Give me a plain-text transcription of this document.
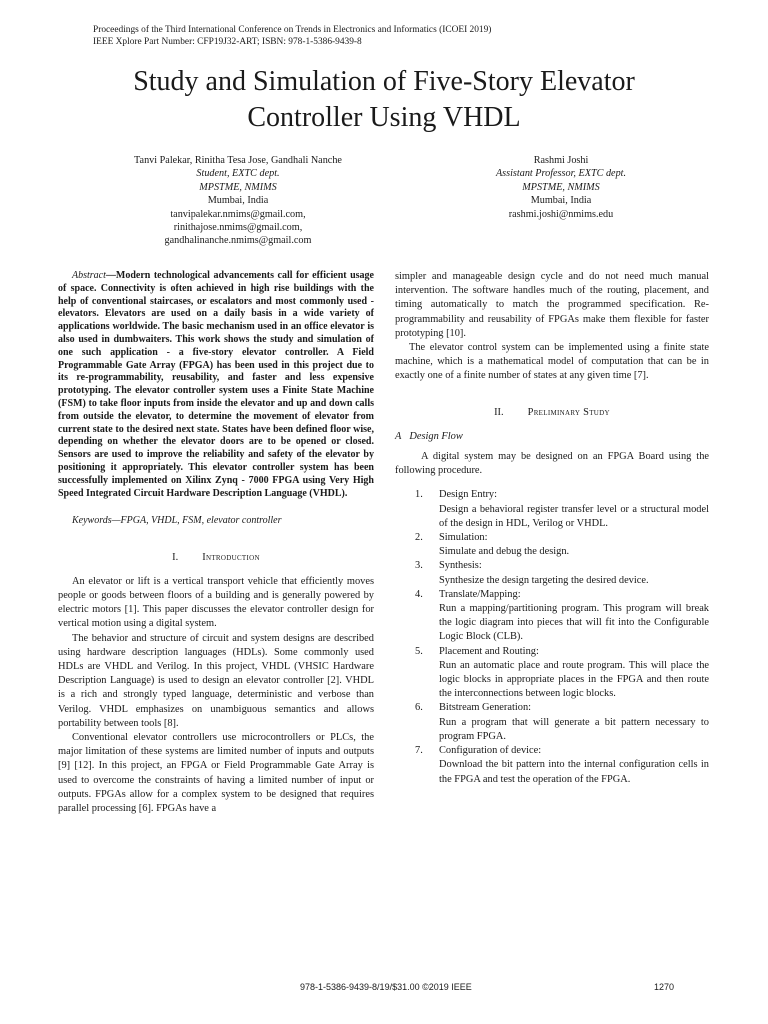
Proceedings of the Third International Conference on Trends in Electronics and Informatics (ICOEI 2019)
IEEE Xplore Part Number: CFP19J32-ART; ISBN: 978-1-5386-9439-8
Study and Simulation of Five-Story Elevator
Controller Using VHDL
Tanvi Palekar, Rinitha Tesa Jose, Gandhali Nanche
Student, EXTC dept.
MPSTME, NMIMS
Mumbai, India
tanvipalekar.nmims@gmail.com,
rinithajose.nmims@gmail.com,
gandhalinanche.nmims@gmail.com
Rashmi Joshi
Assistant Professor, EXTC dept.
MPSTME, NMIMS
Mumbai, India
rashmi.joshi@nmims.edu

Abstract—Modern technological advancements call for efficient usage of space. Connectivity is often achieved in high rise buildings with the help of conventional staircases, or escalators and most commonly used - elevators. Elevators are used on a daily basis in a wide variety of applications worldwide. The basic mechanism used in an office elevator is also used in dumbwaiters. This work shows the study and simulation of one such application - a five-story elevator controller. A Field Programmable Gate Array (FPGA) has been used in this project due to its re-programmability, reusability, and faster and less expensive prototyping. The elevator controller system uses a Finite State Machine (FSM) to take floor inputs from inside the elevator and up and down calls from outside the elevator, to determine the movement of elevator from current state to the desired next state. States have been defined floor wise, depending on whether the elevator doors are to be opened or closed. Sensors are used to improve the reliability and safety of the elevator by positioning it appropriately. This elevator controller system has been successfully implemented on Xilinx Zynq - 7000 FPGA using Very High Speed Integrated Circuit Hardware Description Language (VHDL).

Keywords—FPGA, VHDL, FSM, elevator controller

I. Introduction

An elevator or lift is a vertical transport vehicle that efficiently moves people or goods between floors of a building and is generally powered by electric motors [1]. This paper discusses the elevator controller design for vertical motion using a digital system.

The behavior and structure of circuit and system designs are described using hardware description languages (HDLs). Some commonly used HDLs are VHDL and Verilog. In this project, VHDL (VHSIC Hardware Description Language) is used to design an elevator controller [2]. VHDL is a rich and strongly typed language, deterministic and verbose than Verilog. VHDL emphasizes on unambiguous semantics and allows portability between tools [8].

Conventional elevator controllers use microcontrollers or PLCs, the major limitation of these systems are limited number of inputs and outputs [9] [12]. In this project, an FPGA or Field Programmable Gate Array is used to overcome the constraints of having a limited number of input or outputs. FPGAs allow for a complex system to be designed that requires parallel processing [6]. FPGAs have a

simpler and manageable design cycle and do not need much manual intervention. The software handles much of the routing, placement, and timing automatically to match the programmed specification. Re-programmability and reusability of FPGAs make them flexible for faster prototyping [10].

The elevator control system can be implemented using a finite state machine, which is a mathematical model of computation that can be in exactly one of a finite number of states at any given time [7].

II. Preliminary Study

A Design Flow

A digital system may be designed on an FPGA Board using the following procedure.

1. Design Entry:
Design a behavioral register transfer level or a structural model of the design in HDL, Verilog or VHDL.
2. Simulation:
Simulate and debug the design.
3. Synthesis:
Synthesize the design targeting the desired device.
4. Translate/Mapping:
Run a mapping/partitioning program. This program will break the logic diagram into pieces that will fit into the Configurable Logic Block (CLB).
5. Placement and Routing:
Run an automatic place and route program. This will place the logic blocks in appropriate places in the FPGA and then route the interconnections between logic blocks.
6. Bitstream Generation:
Run a program that will generate a bit pattern necessary to program FPGA.
7. Configuration of device:
Download the bit pattern into the internal configuration cells in the FPGA and test the operation of the FPGA.
978-1-5386-9439-8/19/$31.00 ©2019 IEEE	1270
